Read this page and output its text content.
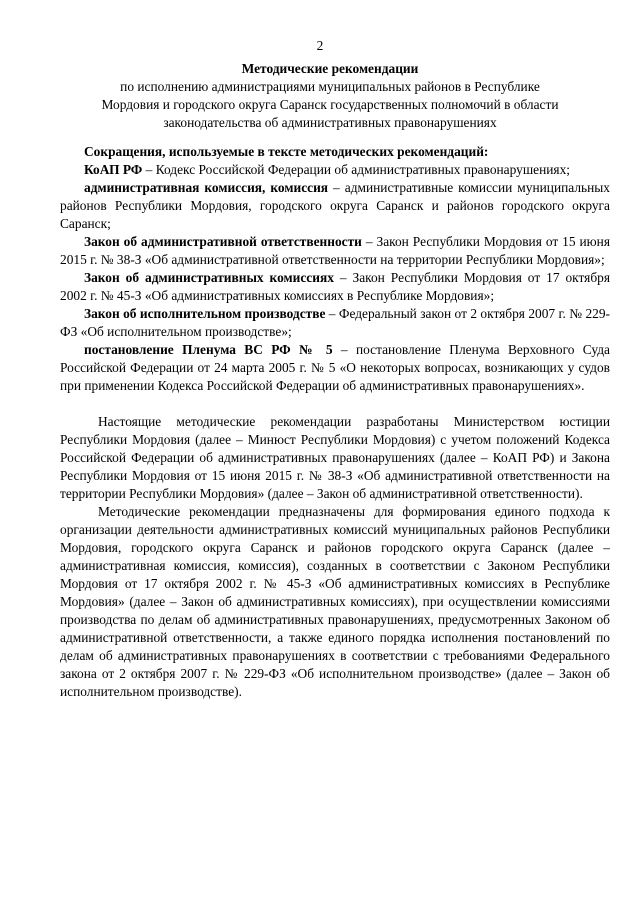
2
Методические рекомендации
по исполнению администрациями муниципальных районов в Республике
Мордовия и городского округа Саранск государственных полномочий в области
законодательства об административных правонарушениях

Сокращения, используемые в тексте методических рекомендаций:

КоАП РФ – Кодекс Российской Федерации об административных правонарушениях;

административная комиссия, комиссия – административные комиссии муниципальных районов Республики Мордовия, городского округа Саранск и районов городского округа Саранск;

Закон об административной ответственности – Закон Республики Мордовия от 15 июня 2015 г. № 38-З «Об административной ответственности на территории Республики Мордовия»;

Закон об административных комиссиях – Закон Республики Мордовия от 17 октября 2002 г. № 45-З «Об административных комиссиях в Республике Мордовия»;

Закон об исполнительном производстве – Федеральный закон от 2 октября 2007 г. № 229-ФЗ «Об исполнительном производстве»;

постановление Пленума ВС РФ № 5 – постановление Пленума Верховного Суда Российской Федерации от 24 марта 2005 г. № 5 «О некоторых вопросах, возникающих у судов при применении Кодекса Российской Федерации об административных правонарушениях».

Настоящие методические рекомендации разработаны Министерством юстиции Республики Мордовия (далее – Минюст Республики Мордовия) с учетом положений Кодекса Российской Федерации об административных правонарушениях (далее – КоАП РФ) и Закона Республики Мордовия от 15 июня 2015 г. № 38-З «Об административной ответственности на территории Республики Мордовия» (далее – Закон об административной ответственности).

Методические рекомендации предназначены для формирования единого подхода к организации деятельности административных комиссий муниципальных районов Республики Мордовия, городского округа Саранск и районов городского округа Саранск (далее – административная комиссия, комиссия), созданных в соответствии с Законом Республики Мордовия от 17 октября 2002 г. № 45-З «Об административных комиссиях в Республике Мордовия» (далее – Закон об административных комиссиях), при осуществлении комиссиями производства по делам об административных правонарушениях, предусмотренных Законом об административной ответственности, а также единого порядка исполнения постановлений по делам об административных правонарушениях в соответствии с требованиями Федерального закона от 2 октября 2007 г. № 229-ФЗ «Об исполнительном производстве» (далее – Закон об исполнительном производстве).
